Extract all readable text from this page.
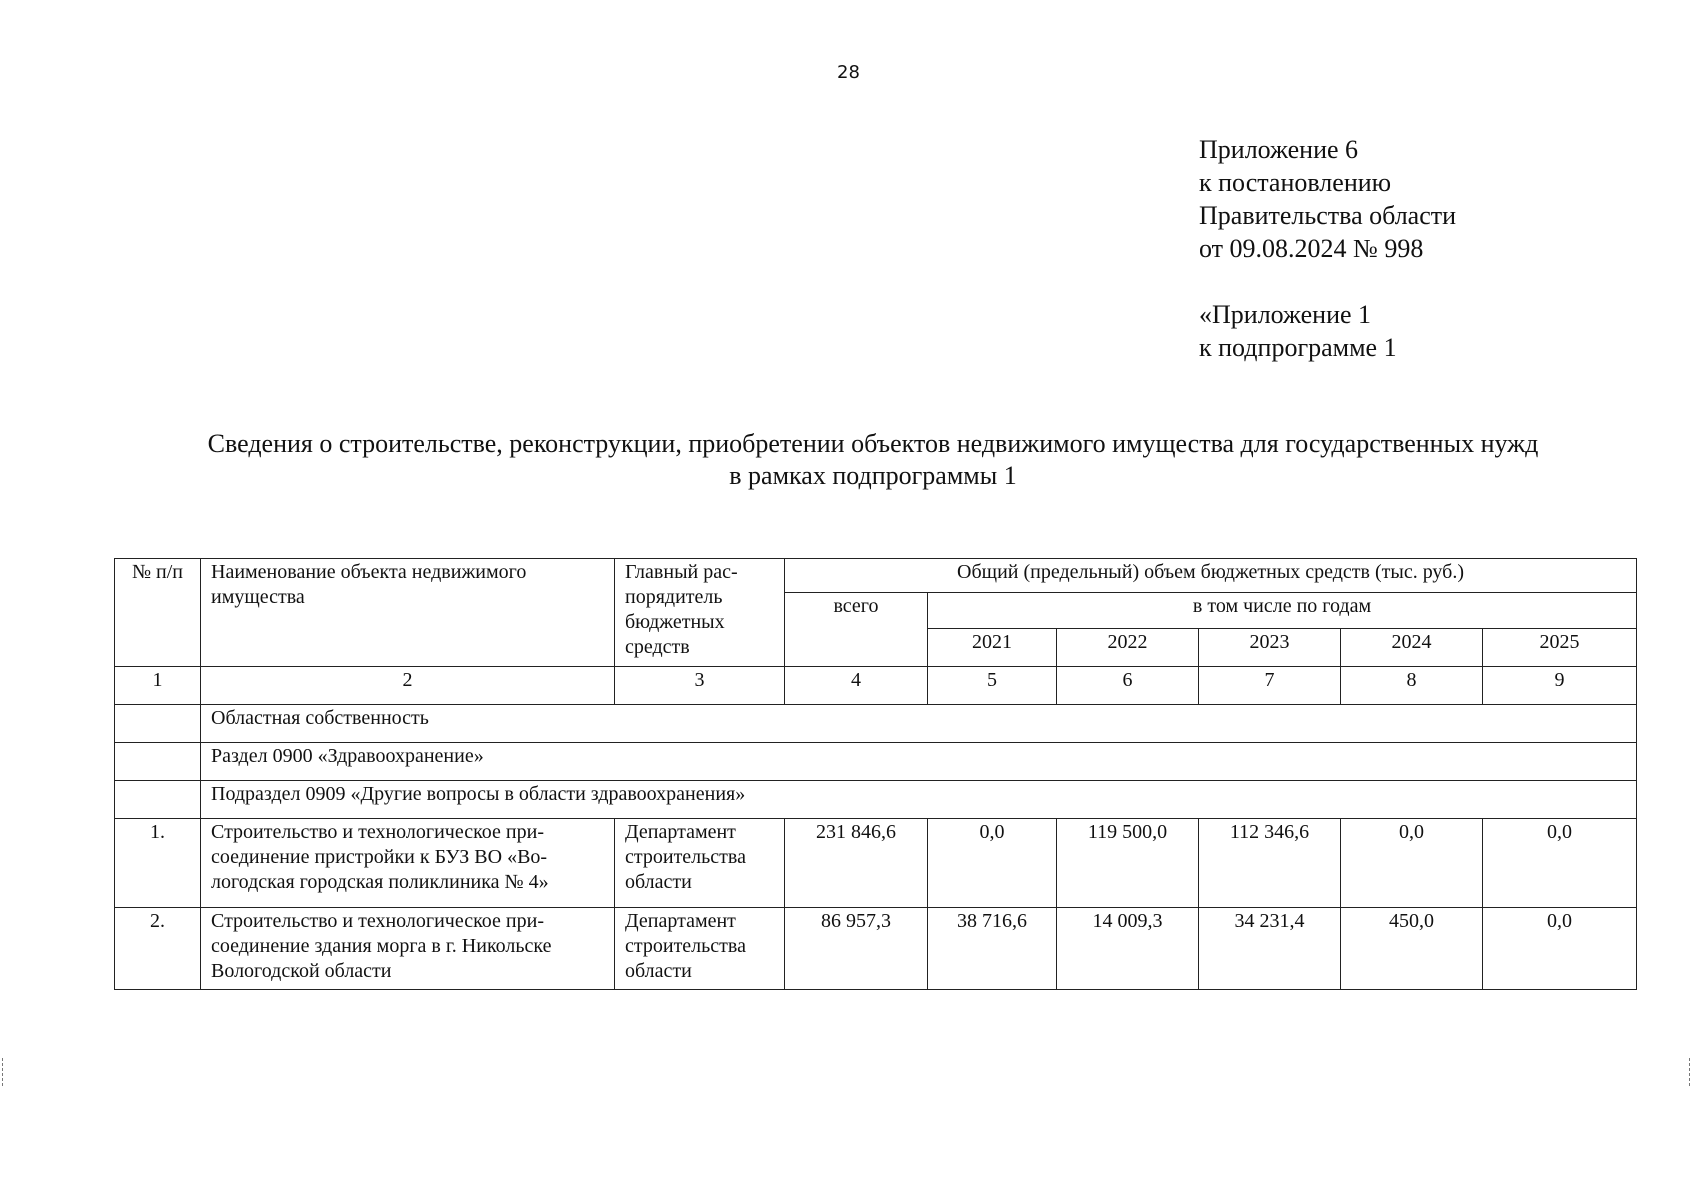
28
Приложение 6
к постановлению
Правительства области
от 09.08.2024 № 998
«Приложение 1
к подпрограмме 1
Сведения о строительстве, реконструкции, приобретении объектов недвижимого имущества для государственных нужд
в рамках подпрограммы 1
№ п/п	Наименование объекта недвижимого имущества	Главный рас-порядитель бюджетных средств	Общий (предельный) объем бюджетных средств (тыс. руб.)					
			всего	в том числе по годам				
				2021	2022	2023	2024	2025
1	2	3	4	5	6	7	8	9
	Областная собственность							
	Раздел 0900 «Здравоохранение»							
	Подраздел 0909 «Другие вопросы в области здравоохранения»							
1.	Строительство и технологическое при-соединение пристройки к БУЗ ВО «Во-логодская городская поликлиника № 4»	Департамент строительства области	231 846,6	0,0	119 500,0	112 346,6	0,0	0,0
2.	Строительство и технологическое при-соединение здания морга в г. Никольске Вологодской области	Департамент строительства области	86 957,3	38 716,6	14 009,3	34 231,4	450,0	0,0
